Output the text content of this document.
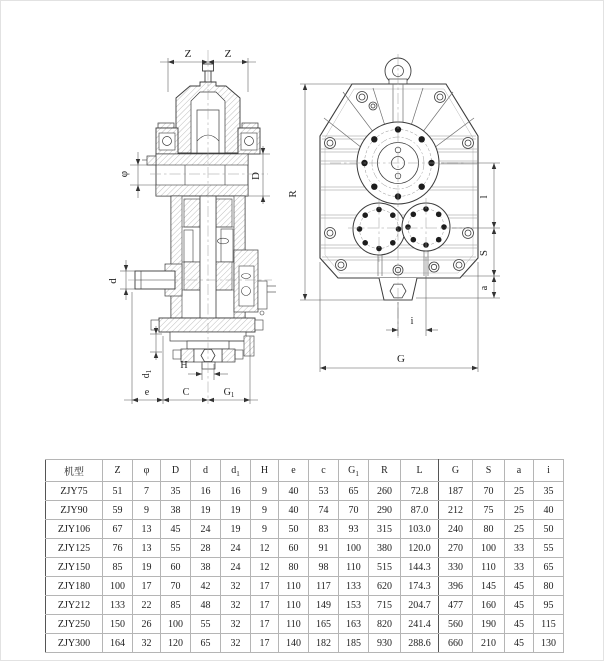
Z	Z
φ	D
d
$d_1$
H
e	C	$G_1$
R	l
S
a
i
G
机型	Z	φ	D	d	$d_1$	H	e	c	$G_1$	R	L	G	S	a	i
ZJY75	51	7	35	16	16	9	40	53	65	260	72.8	187	70	25	35
ZJY90	59	9	38	19	19	9	40	74	70	290	87.0	212	75	25	40
ZJY106	67	13	45	24	19	9	50	83	93	315	103.0	240	80	25	50
ZJY125	76	13	55	28	24	12	60	91	100	380	120.0	270	100	33	55
ZJY150	85	19	60	38	24	12	80	98	110	515	144.3	330	110	33	65
ZJY180	100	17	70	42	32	17	110	117	133	620	174.3	396	145	45	80
ZJY212	133	22	85	48	32	17	110	149	153	715	204.7	477	160	45	95
ZJY250	150	26	100	55	32	17	110	165	163	820	241.4	560	190	45	115
ZJY300	164	32	120	65	32	17	140	182	185	930	288.6	660	210	45	130
